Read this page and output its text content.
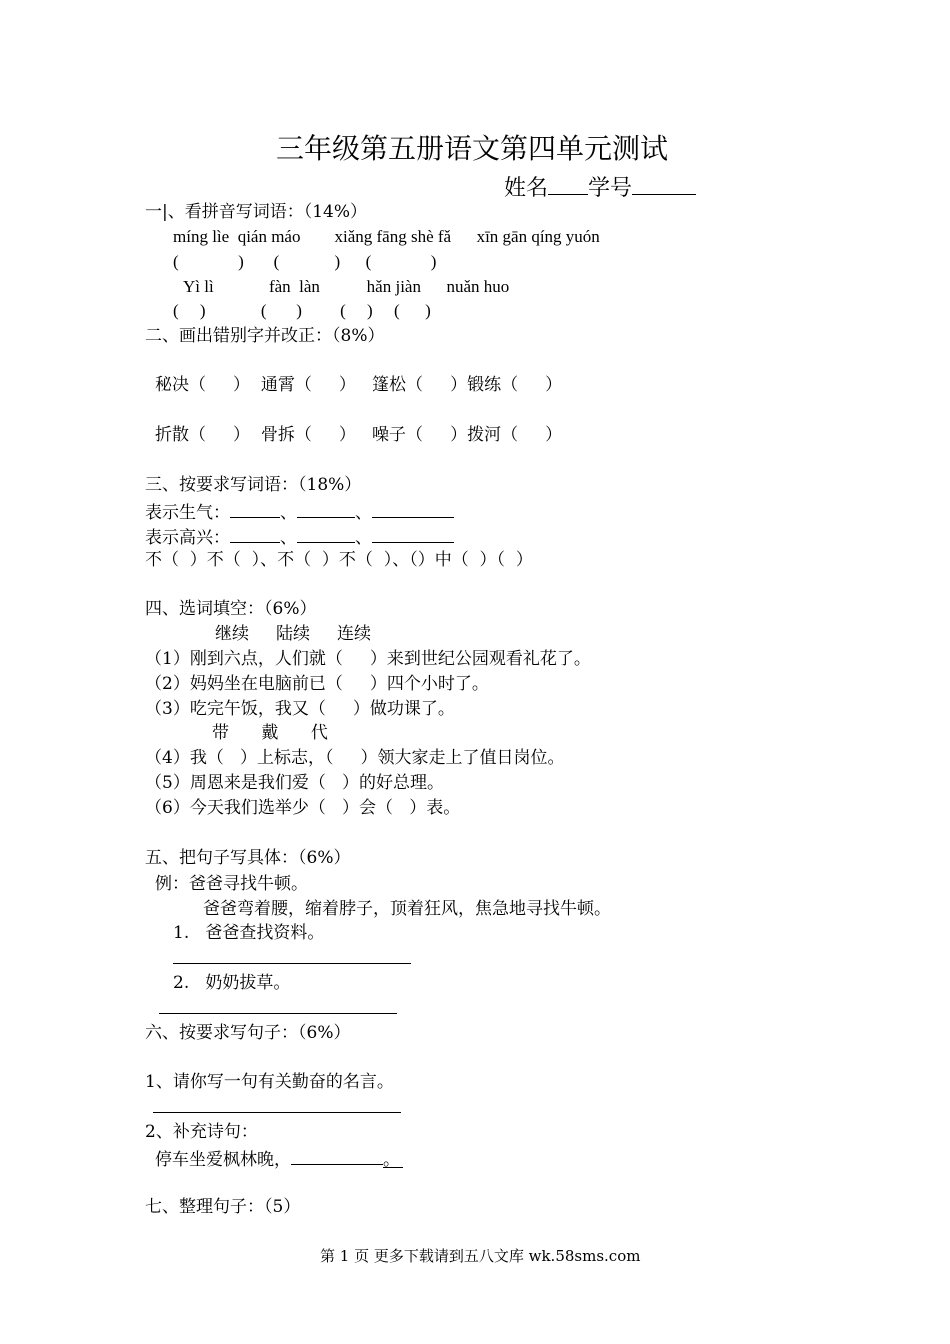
三年级第五册语文第四单元测试
姓名 学号
一|、看拼音写词语：（14%）
míng lìe  qián máo        xiǎng fāng shè fǎ      xīn gān qíng yuón
(              )       (             )      (              )
Yì lì             fàn  làn           hǎn jiàn      nuǎn huo
(     )             (       )         (     )     (      )
二、画出错别字并改正：（8%）
秘决（     ）  通霄（     ）   篷松（     ）锻练（     ）
折散（     ）  骨拆（     ）   噪子（     ）拨河（     ）
三、按要求写词语：（18%）
表示生气：	、	、
表示高兴：	、	、
不（  ）不（  ）、不（  ）不（  ）、（）中（  ）（  ）
四、选词填空：（6%）
继续     陆续     连续
（1）刚到六点，人们就（     ）来到世纪公园观看礼花了。
（2）妈妈坐在电脑前已（     ）四个小时了。
（3）吃完午饭，我又（     ）做功课了。
带      戴      代
（4）我（   ）上标志，（     ）领大家走上了值日岗位。
（5）周恩来是我们爱（   ）的好总理。
（6）今天我们选举少（   ）会（   ）表。
五、把句子写具体：（6%）
例：爸爸寻找牛顿。
爸爸弯着腰，缩着脖子，顶着狂风，焦急地寻找牛顿。
1.   爸爸查找资料。
2.   奶奶拔草。
六、按要求写句子：（6%）
1、请你写一句有关勤奋的名言。
2、补充诗句：
停车坐爱枫林晚，	。
七、整理句子：（5）
第 1 页 更多下载请到五八文库 wk.58sms.com
